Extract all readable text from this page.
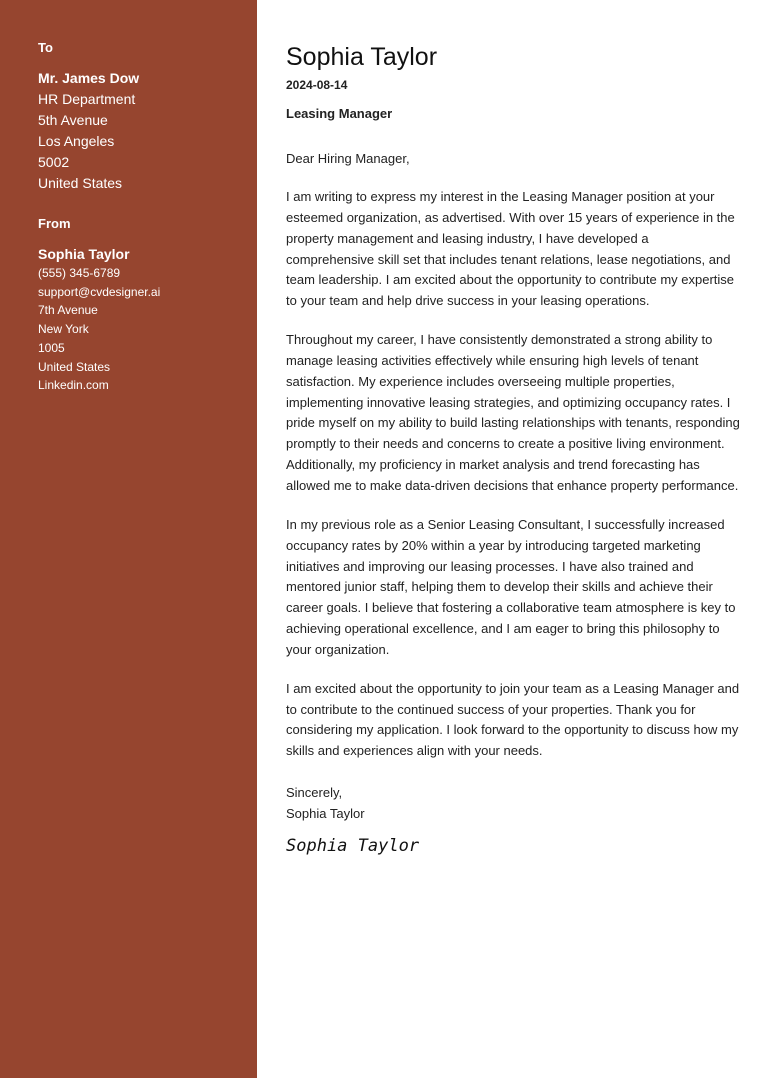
To
Mr. James Dow
HR Department
5th Avenue
Los Angeles
5002
United States
From
Sophia Taylor
(555) 345-6789
support@cvdesigner.ai
7th Avenue
New York
1005
United States
Linkedin.com
Sophia Taylor
2024-08-14
Leasing Manager
Dear Hiring Manager,

I am writing to express my interest in the Leasing Manager position at your esteemed organization, as advertised. With over 15 years of experience in the property management and leasing industry, I have developed a comprehensive skill set that includes tenant relations, lease negotiations, and team leadership. I am excited about the opportunity to contribute my expertise to your team and help drive success in your leasing operations.

Throughout my career, I have consistently demonstrated a strong ability to manage leasing activities effectively while ensuring high levels of tenant satisfaction. My experience includes overseeing multiple properties, implementing innovative leasing strategies, and optimizing occupancy rates. I pride myself on my ability to build lasting relationships with tenants, responding promptly to their needs and concerns to create a positive living environment. Additionally, my proficiency in market analysis and trend forecasting has allowed me to make data-driven decisions that enhance property performance.

In my previous role as a Senior Leasing Consultant, I successfully increased occupancy rates by 20% within a year by introducing targeted marketing initiatives and improving our leasing processes. I have also trained and mentored junior staff, helping them to develop their skills and achieve their career goals. I believe that fostering a collaborative team atmosphere is key to achieving operational excellence, and I am eager to bring this philosophy to your organization.

I am excited about the opportunity to join your team as a Leasing Manager and to contribute to the continued success of your properties. Thank you for considering my application. I look forward to the opportunity to discuss how my skills and experiences align with your needs.

Sincerely,
Sophia Taylor
Sophia Taylor
